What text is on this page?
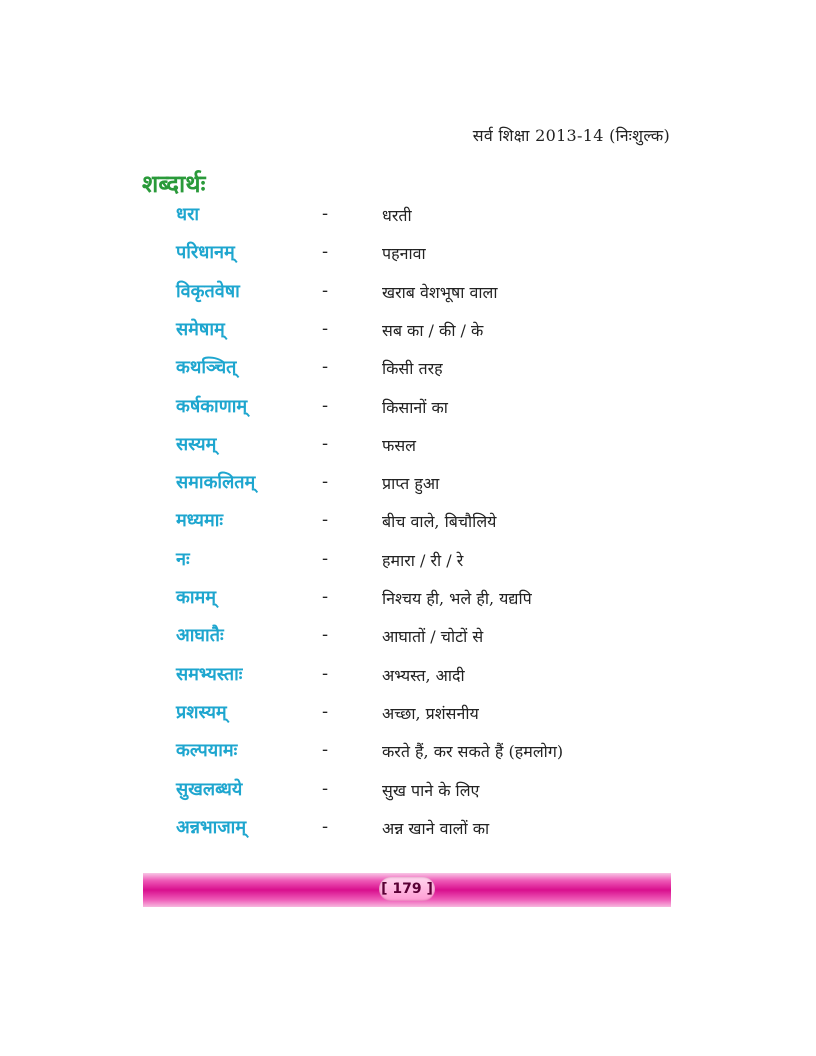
सर्व शिक्षा 2013-14 (निःशुल्क)
शब्दार्थः
धरा	-	धरती
परिधानम्	-	पहनावा
विकृतवेषा	-	खराब वेशभूषा वाला
समेषाम्	-	सब का / की / के
कथञ्चित्	-	किसी तरह
कर्षकाणाम्	-	किसानों का
सस्यम्	-	फसल
समाकलितम्	-	प्राप्त हुआ
मध्यमाः	-	बीच वाले, बिचौलिये
नः	-	हमारा / री / रे
कामम्	-	निश्चय ही, भले ही, यद्यपि
आघातैः	-	आघातों / चोटों से
समभ्यस्ताः	-	अभ्यस्त, आदी
प्रशस्यम्	-	अच्छा, प्रशंसनीय
कल्पयामः	-	करते हैं, कर सकते हैं (हमलोग)
सुखलब्धये	-	सुख पाने के लिए
अन्नभाजाम्	-	अन्न खाने वालों का
[ 179 ]
